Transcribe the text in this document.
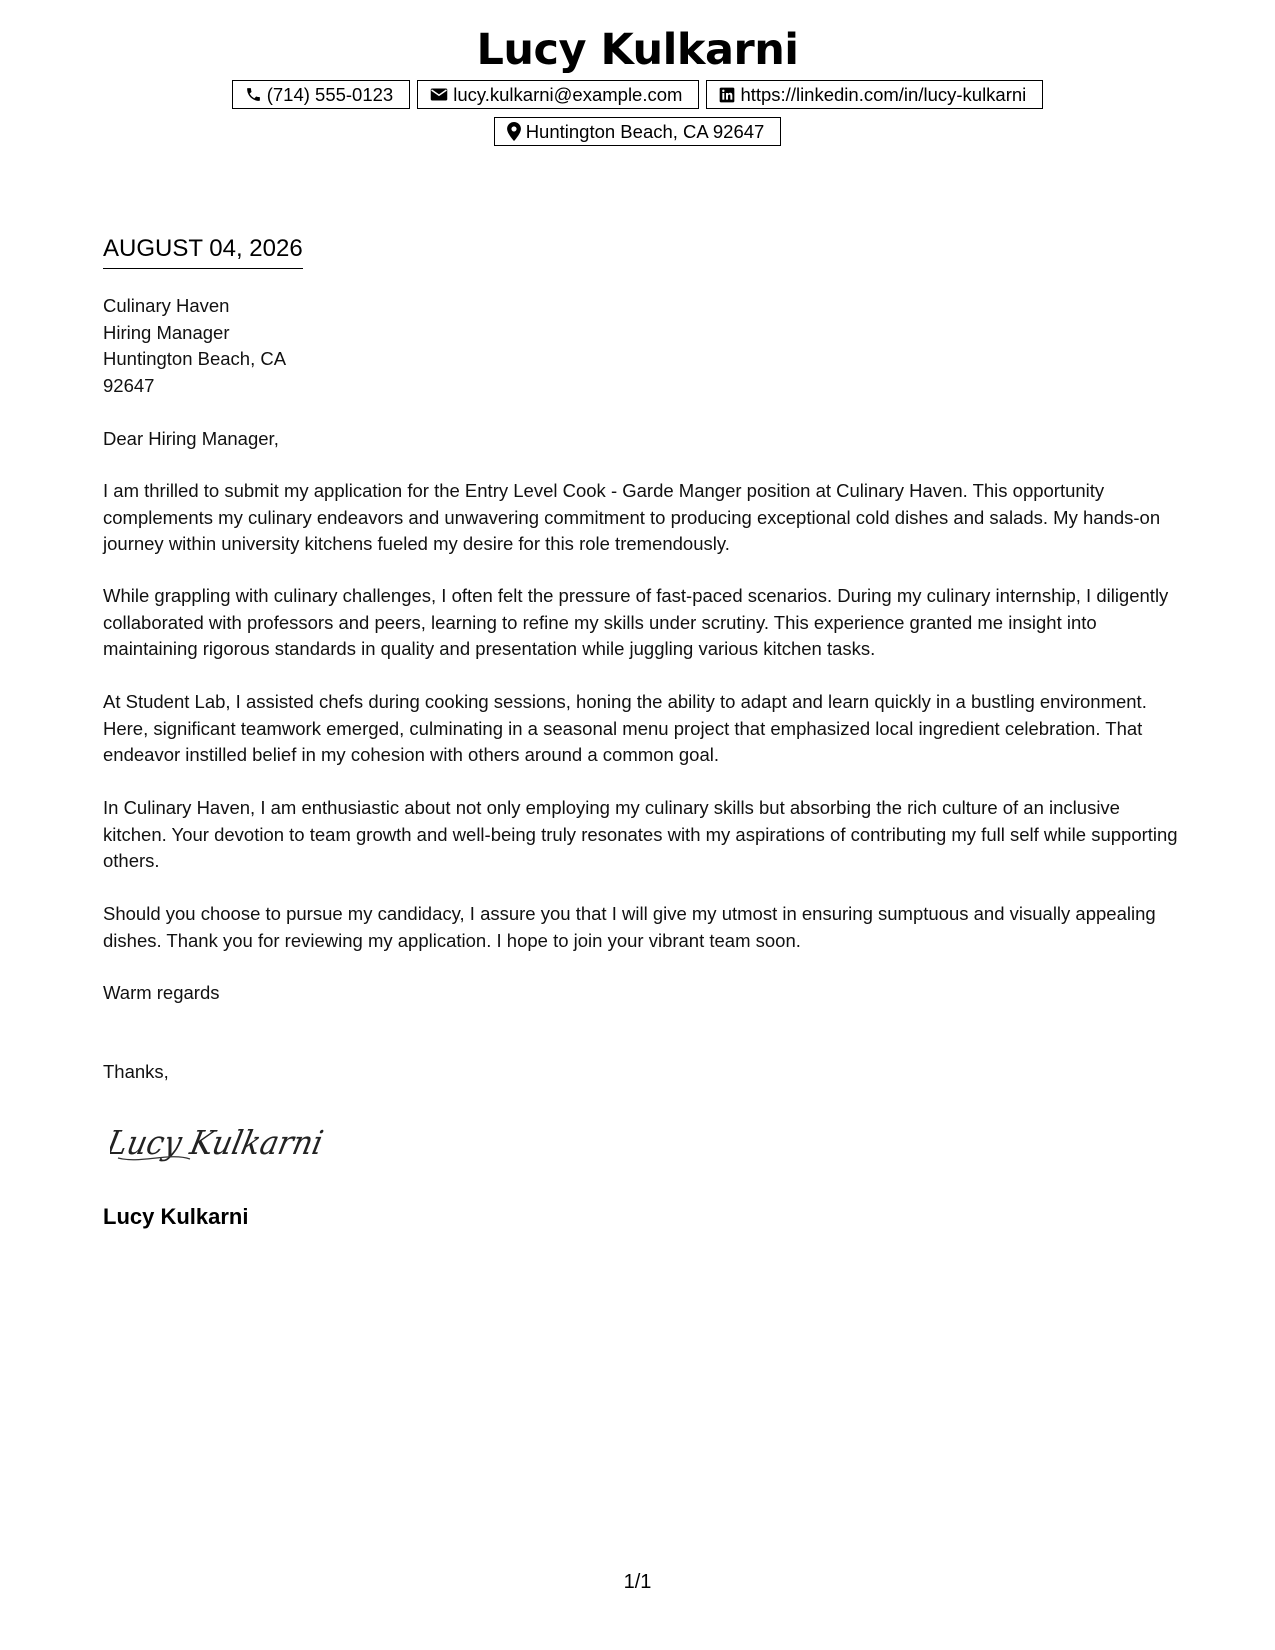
Lucy Kulkarni
(714) 555-0123	lucy.kulkarni@example.com	https://linkedin.com/in/lucy-kulkarni
Huntington Beach, CA 92647
AUGUST 04, 2026
Culinary Haven
Hiring Manager
Huntington Beach, CA
92647

Dear Hiring Manager,

I am thrilled to submit my application for the Entry Level Cook - Garde Manger position at Culinary Haven. This opportunity complements my culinary endeavors and unwavering commitment to producing exceptional cold dishes and salads. My hands-on journey within university kitchens fueled my desire for this role tremendously.

While grappling with culinary challenges, I often felt the pressure of fast-paced scenarios. During my culinary internship, I diligently collaborated with professors and peers, learning to refine my skills under scrutiny. This experience granted me insight into maintaining rigorous standards in quality and presentation while juggling various kitchen tasks.

At Student Lab, I assisted chefs during cooking sessions, honing the ability to adapt and learn quickly in a bustling environment. Here, significant teamwork emerged, culminating in a seasonal menu project that emphasized local ingredient celebration. That endeavor instilled belief in my cohesion with others around a common goal.

In Culinary Haven, I am enthusiastic about not only employing my culinary skills but absorbing the rich culture of an inclusive kitchen. Your devotion to team growth and well-being truly resonates with my aspirations of contributing my full self while supporting others.

Should you choose to pursue my candidacy, I assure you that I will give my utmost in ensuring sumptuous and visually appealing dishes. Thank you for reviewing my application. I hope to join your vibrant team soon.

Warm regards

Thanks,

Lucy Kulkarni
Lucy Kulkarni
1/1
